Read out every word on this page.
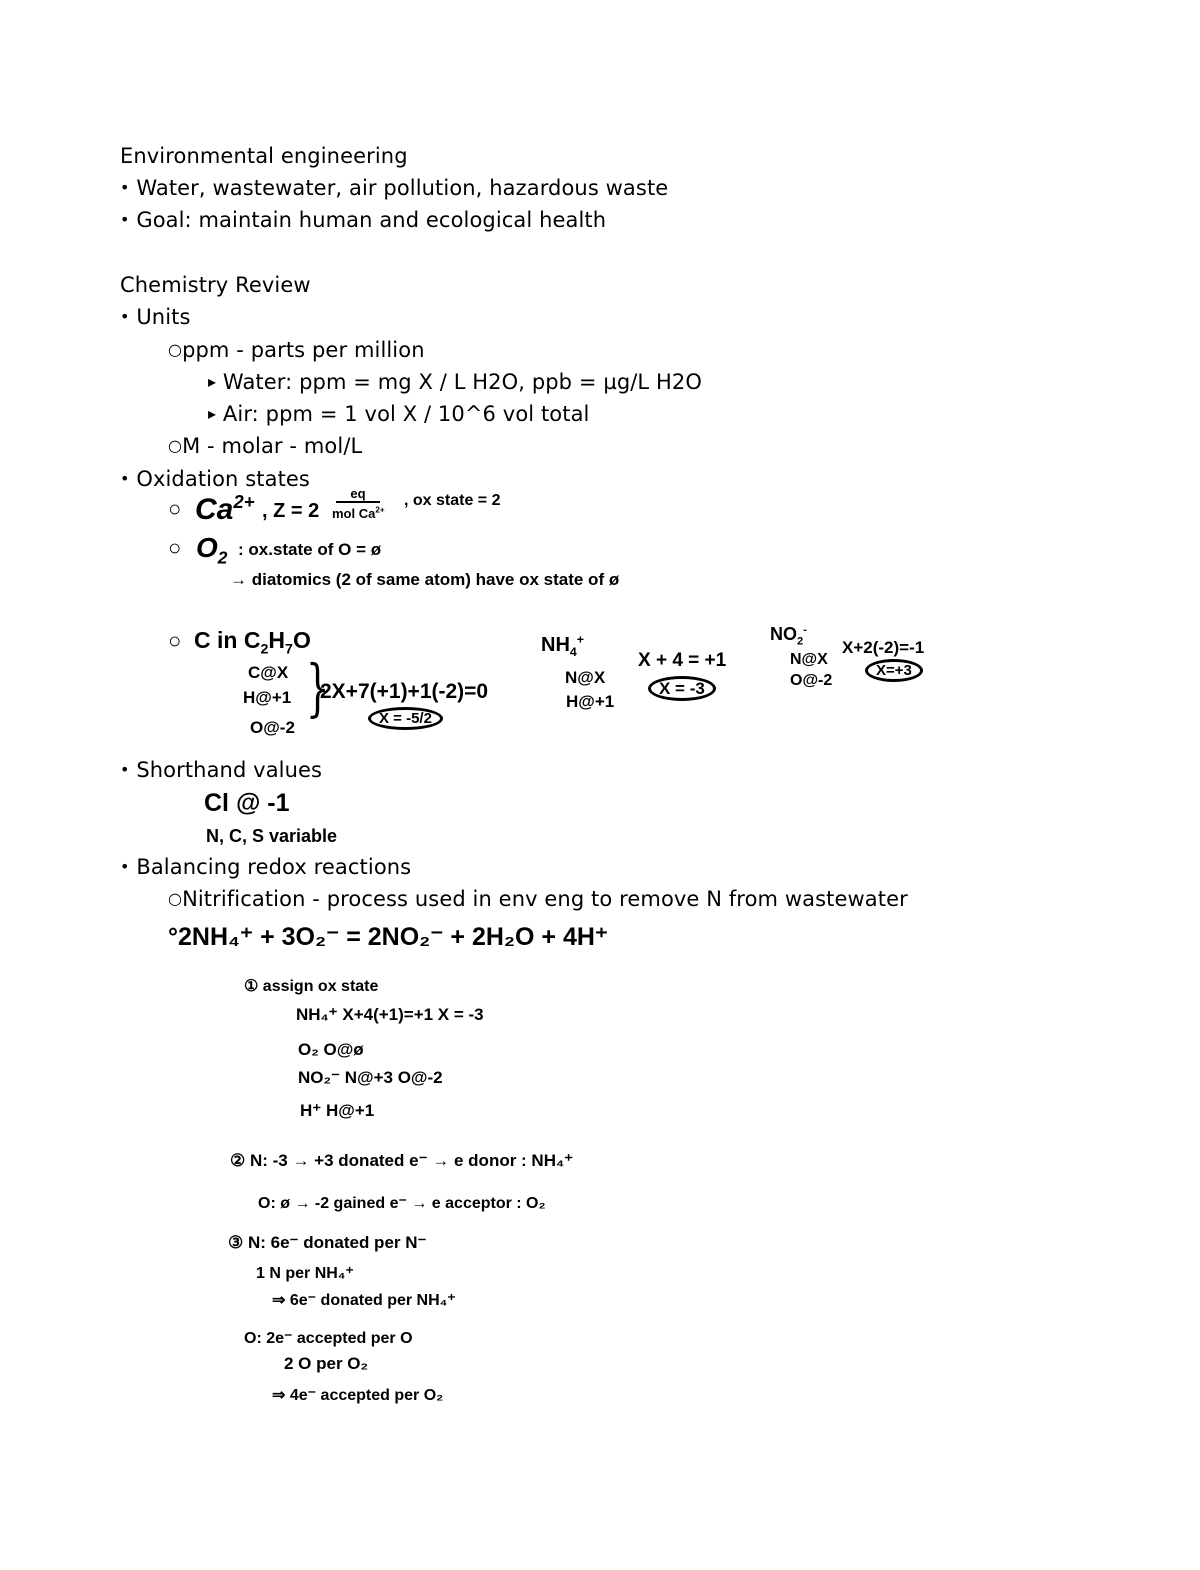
Environmental engineering
• Water, wastewater, air pollution, hazardous waste
• Goal: maintain human and ecological health
Chemistry Review
• Units
○ppm - parts per million
▸ Water: ppm = mg X / L H2O, ppb = µg/L H2O
▸ Air: ppm = 1 vol X / 10^6 vol total
○M - molar - mol/L
• Oxidation states
○ $Ca^{2+}$ , Z = 2
eq
mol $Ca^{2+}$
, ox state = 2
○ $O_2$ : ox.state of O = ø
→ diatomics (2 of same atom) have ox state of ø
○ C in $C_2H_7O$
C@X
H@+1
O@-2
}
2X+7(+1)+1(-2)=0
X = -5/2
$NH_4^+$
N@X
H@+1
X + 4 = +1
X = -3
$NO_2^-$
N@X
O@-2
X+2(-2)=-1
X=+3
• Shorthand values
Cl @ -1
N, C, S variable
• Balancing redox reactions
○Nitrification - process used in env eng to remove N from wastewater
°2NH₄⁺ + 3O₂⁻ = 2NO₂⁻ + 2H₂O + 4H⁺
① assign ox state
NH₄⁺ X+4(+1)=+1 X = -3
O₂ O@ø
NO₂⁻ N@+3 O@-2
H⁺ H@+1
② N: -3 → +3 donated e⁻ → e donor : NH₄⁺
O: ø → -2 gained e⁻ → e acceptor : O₂
③ N: 6e⁻ donated per N⁻
1 N per NH₄⁺
⇒ 6e⁻ donated per NH₄⁺
O: 2e⁻ accepted per O
2 O per O₂
⇒ 4e⁻ accepted per O₂
